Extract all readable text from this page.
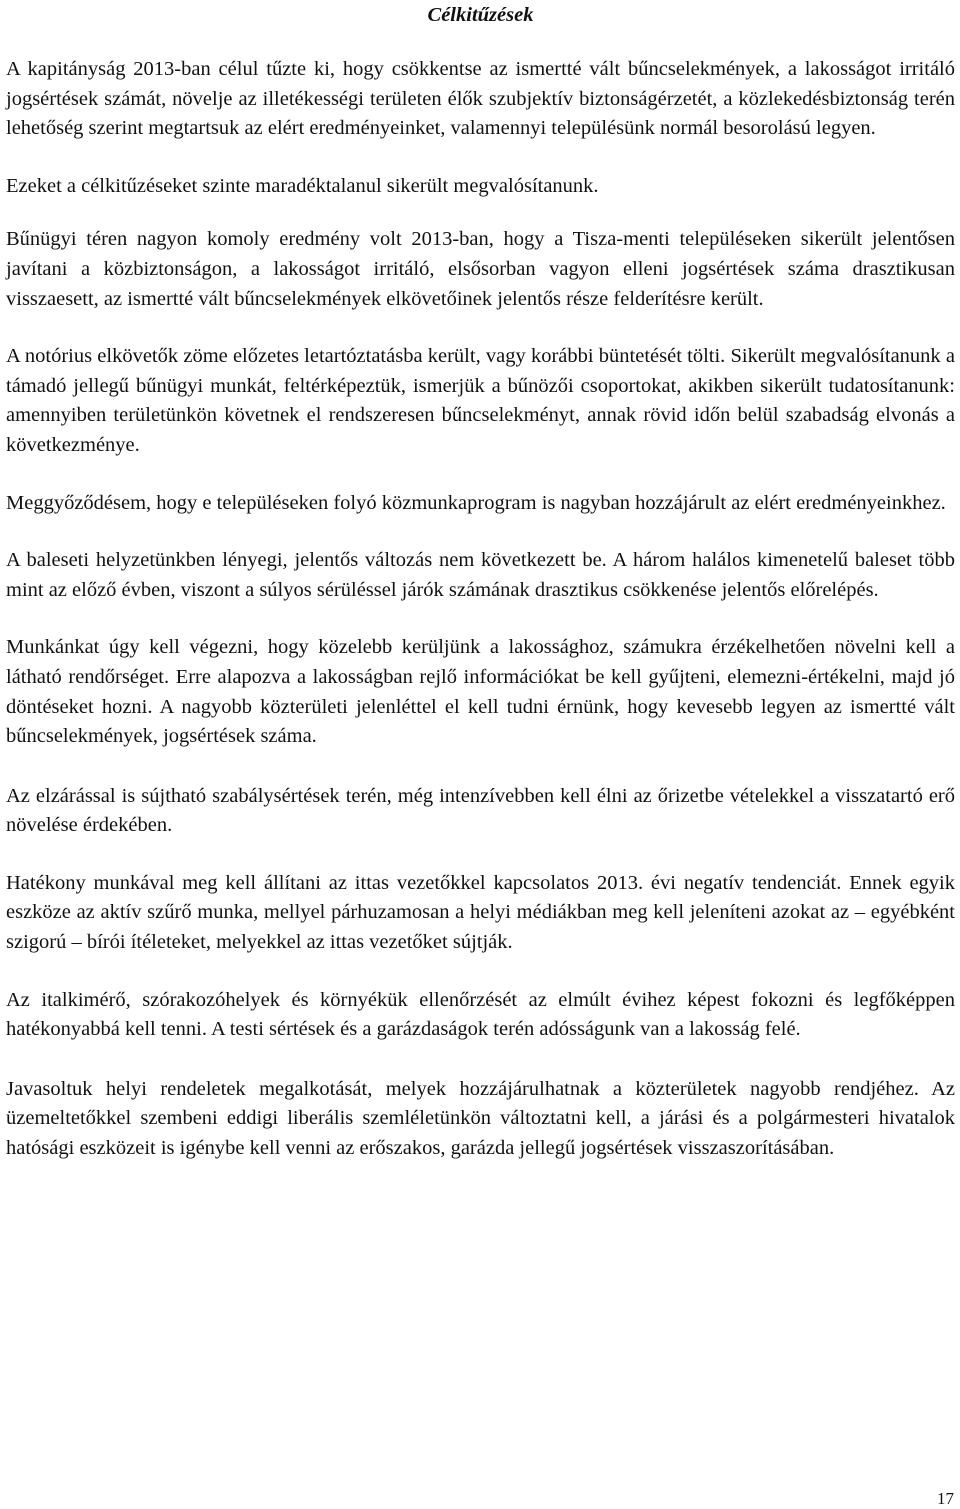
Célkitűzések

A kapitányság 2013-ban célul tűzte ki, hogy csökkentse az ismertté vált bűncselekmények, a lakosságot irritáló jogsértések számát, növelje az illetékességi területen élők szubjektív biztonságérzetét, a közlekedésbiztonság terén lehetőség szerint megtartsuk az elért eredményeinket, valamennyi településünk normál besorolású legyen.

Ezeket a célkitűzéseket szinte maradéktalanul sikerült megvalósítanunk.

Bűnügyi téren nagyon komoly eredmény volt 2013-ban, hogy a Tisza-menti településeken sikerült jelentősen javítani a közbiztonságon, a lakosságot irritáló, elsősorban vagyon elleni jogsértések száma drasztikusan visszaesett, az ismertté vált bűncselekmények elkövetőinek jelentős része felderítésre került.

A notórius elkövetők zöme előzetes letartóztatásba került, vagy korábbi büntetését tölti. Sikerült megvalósítanunk a támadó jellegű bűnügyi munkát, feltérképeztük, ismerjük a bűnözői csoportokat, akikben sikerült tudatosítanunk: amennyiben területünkön követnek el rendszeresen bűncselekményt, annak rövid időn belül szabadság elvonás a következménye.

Meggyőződésem, hogy e településeken folyó közmunkaprogram is nagyban hozzájárult az elért eredményeinkhez.

A baleseti helyzetünkben lényegi, jelentős változás nem következett be. A három halálos kimenetelű baleset több mint az előző évben, viszont a súlyos sérüléssel járók számának drasztikus csökkenése jelentős előrelépés.

Munkánkat úgy kell végezni, hogy közelebb kerüljünk a lakossághoz, számukra érzékelhetően növelni kell a látható rendőrséget. Erre alapozva a lakosságban rejlő információkat be kell gyűjteni, elemezni-értékelni, majd jó döntéseket hozni. A nagyobb közterületi jelenléttel el kell tudni érnünk, hogy kevesebb legyen az ismertté vált bűncselekmények, jogsértések száma.

Az elzárással is sújtható szabálysértések terén, még intenzívebben kell élni az őrizetbe vételekkel a visszatartó erő növelése érdekében.

Hatékony munkával meg kell állítani az ittas vezetőkkel kapcsolatos 2013. évi negatív tendenciát. Ennek egyik eszköze az aktív szűrő munka, mellyel párhuzamosan a helyi médiákban meg kell jeleníteni azokat az – egyébként szigorú – bírói ítéleteket, melyekkel az ittas vezetőket sújtják.

Az italkimérő, szórakozóhelyek és környékük ellenőrzését az elmúlt évihez képest fokozni és legfőképpen hatékonyabbá kell tenni. A testi sértések és a garázdaságok terén adósságunk van a lakosság felé.

Javasoltuk helyi rendeletek megalkotását, melyek hozzájárulhatnak a közterületek nagyobb rendjéhez. Az üzemeltetőkkel szembeni eddigi liberális szemléletünkön változtatni kell, a járási és a polgármesteri hivatalok hatósági eszközeit is igénybe kell venni az erőszakos, garázda jellegű jogsértések visszaszorításában.

17
